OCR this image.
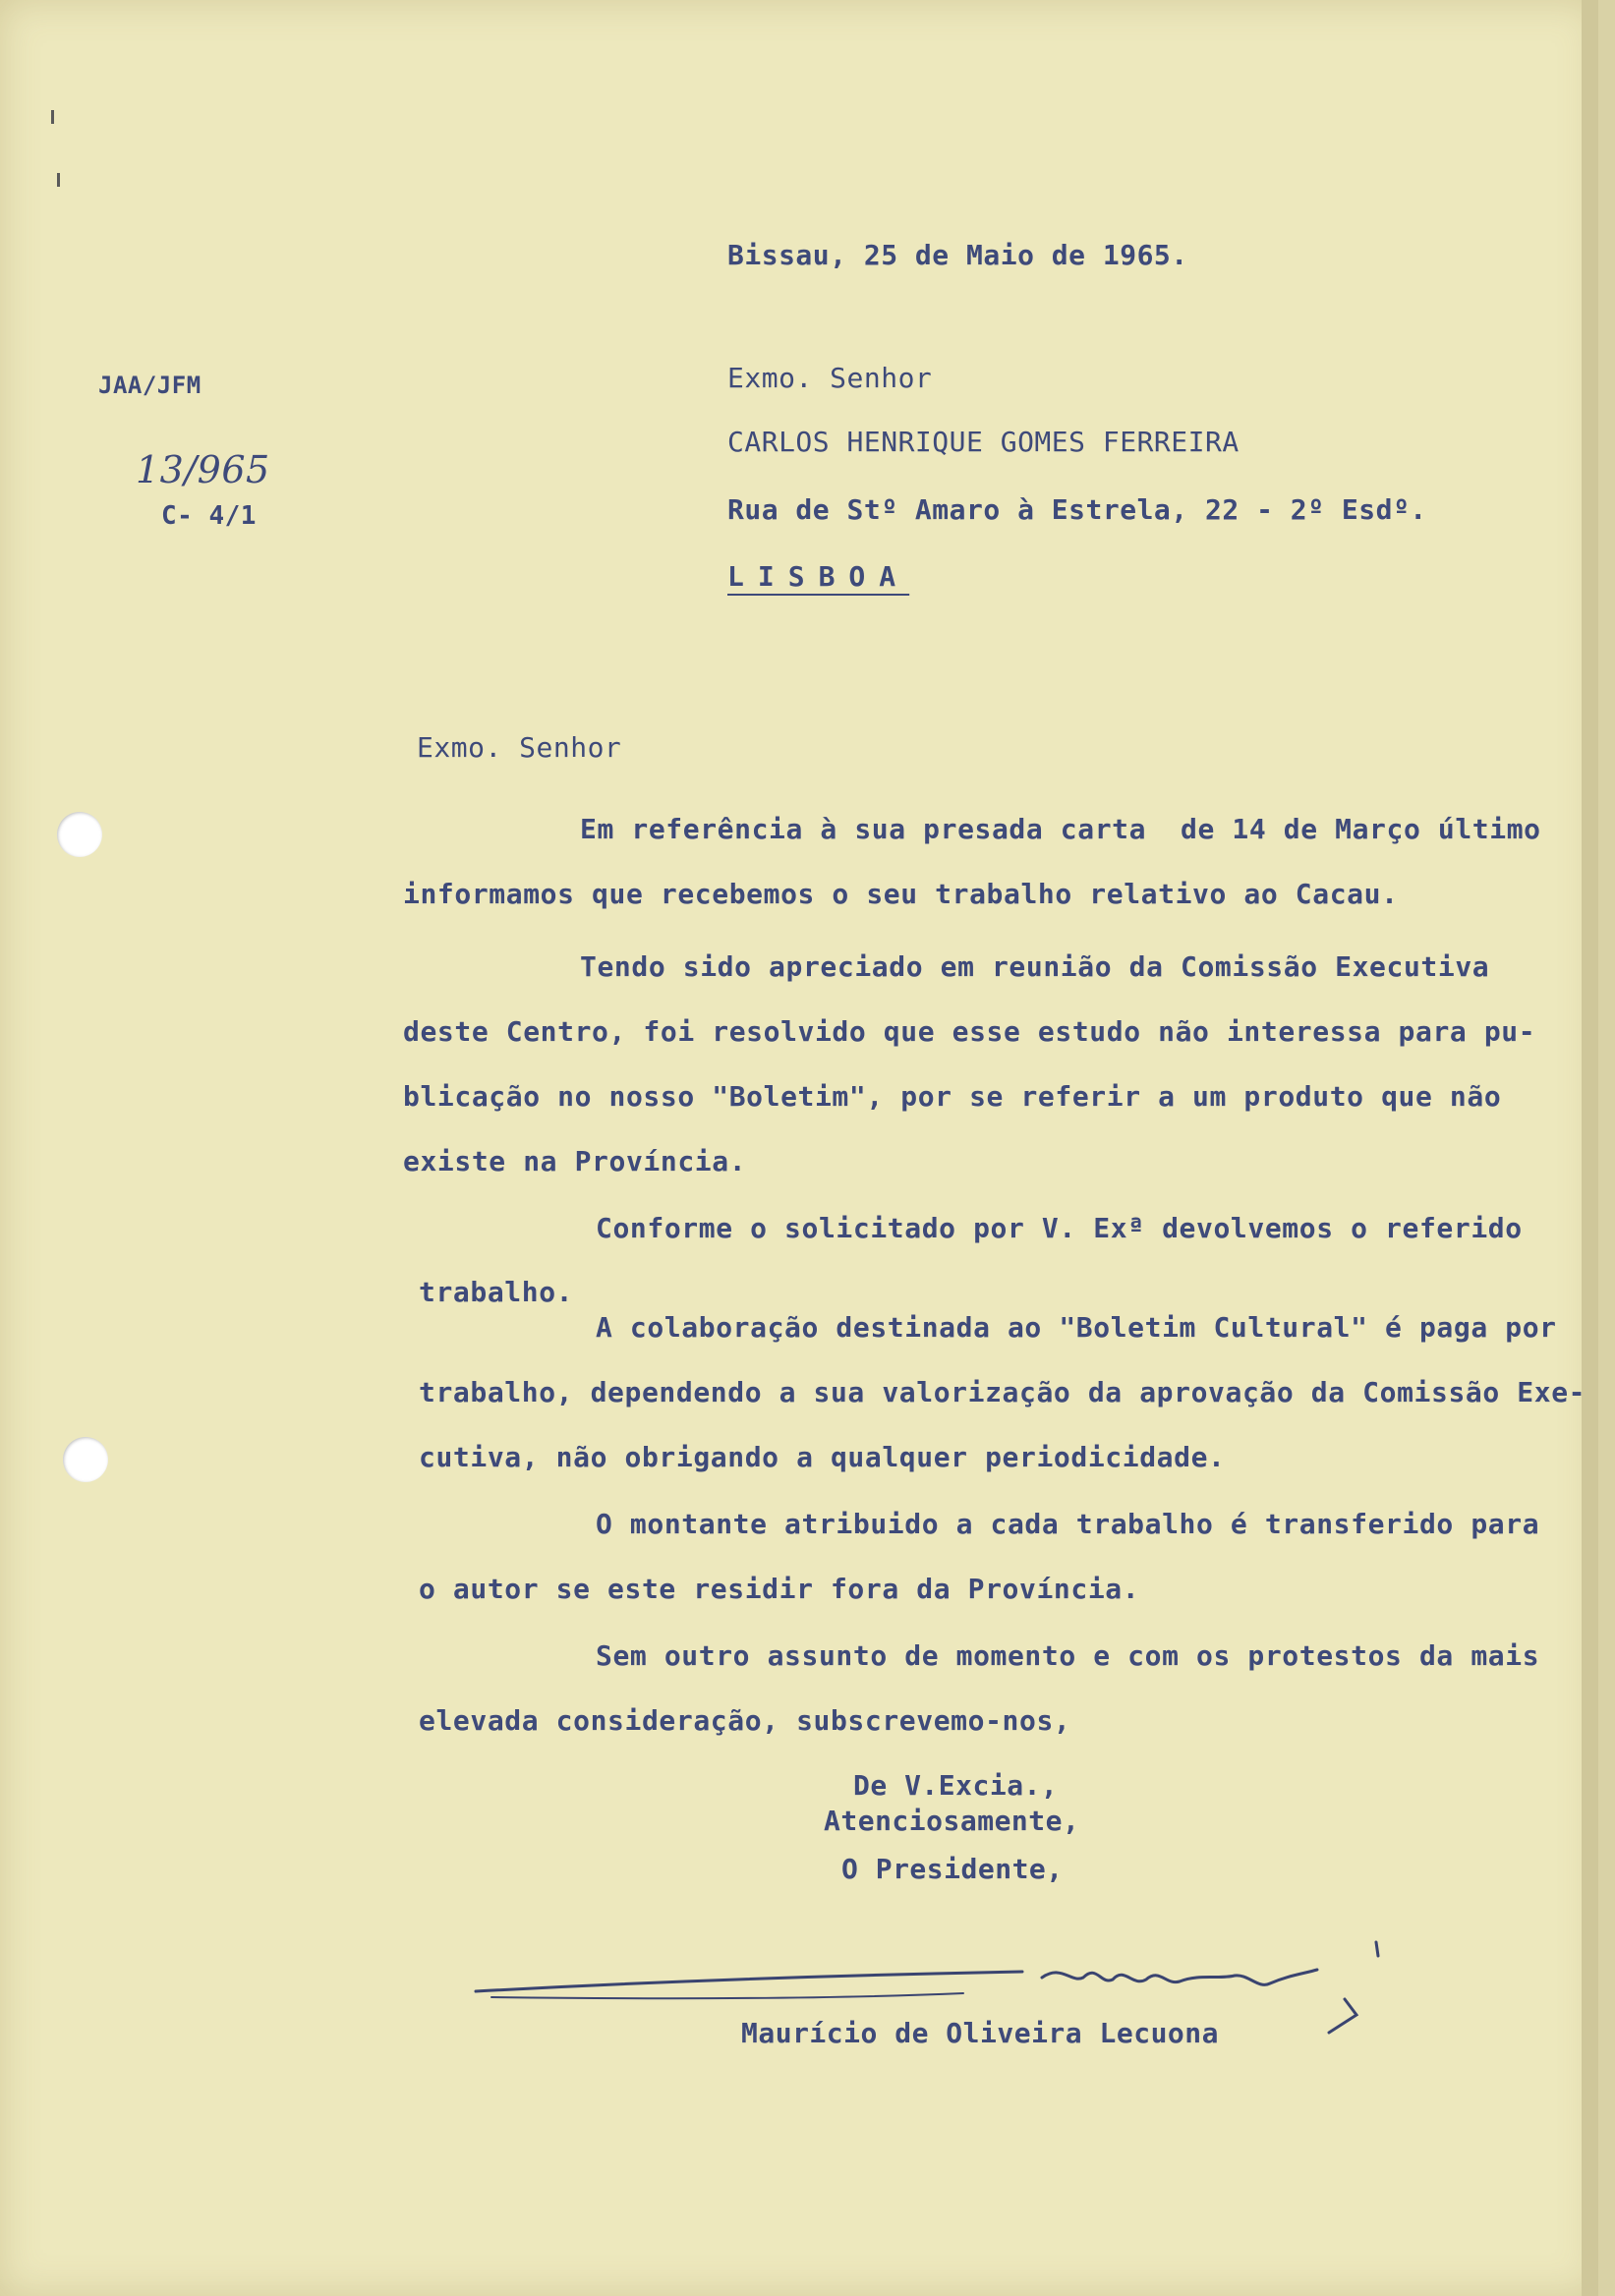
Bissau, 25 de Maio de 1965.
JAA/JFM
13/965
C- 4/1
Exmo. Senhor
CARLOS HENRIQUE GOMES FERREIRA
Rua de Stº Amaro à Estrela, 22 - 2º Esdº.
LISBOA
Exmo. Senhor
Em referência à sua presada carta  de 14 de Março último
informamos que recebemos o seu trabalho relativo ao Cacau.
Tendo sido apreciado em reunião da Comissão Executiva
deste Centro, foi resolvido que esse estudo não interessa para pu-
blicação no nosso "Boletim", por se referir a um produto que não
existe na Província.
Conforme o solicitado por V. Exª devolvemos o referido
trabalho.
A colaboração destinada ao "Boletim Cultural" é paga por
trabalho, dependendo a sua valorização da aprovação da Comissão Exe-
cutiva, não obrigando a qualquer periodicidade.
O montante atribuido a cada trabalho é transferido para
o autor se este residir fora da Província.
Sem outro assunto de momento e com os protestos da mais
elevada consideração, subscrevemo-nos,
De V.Excia.,
Atenciosamente,
O Presidente,
Maurício de Oliveira Lecuona
